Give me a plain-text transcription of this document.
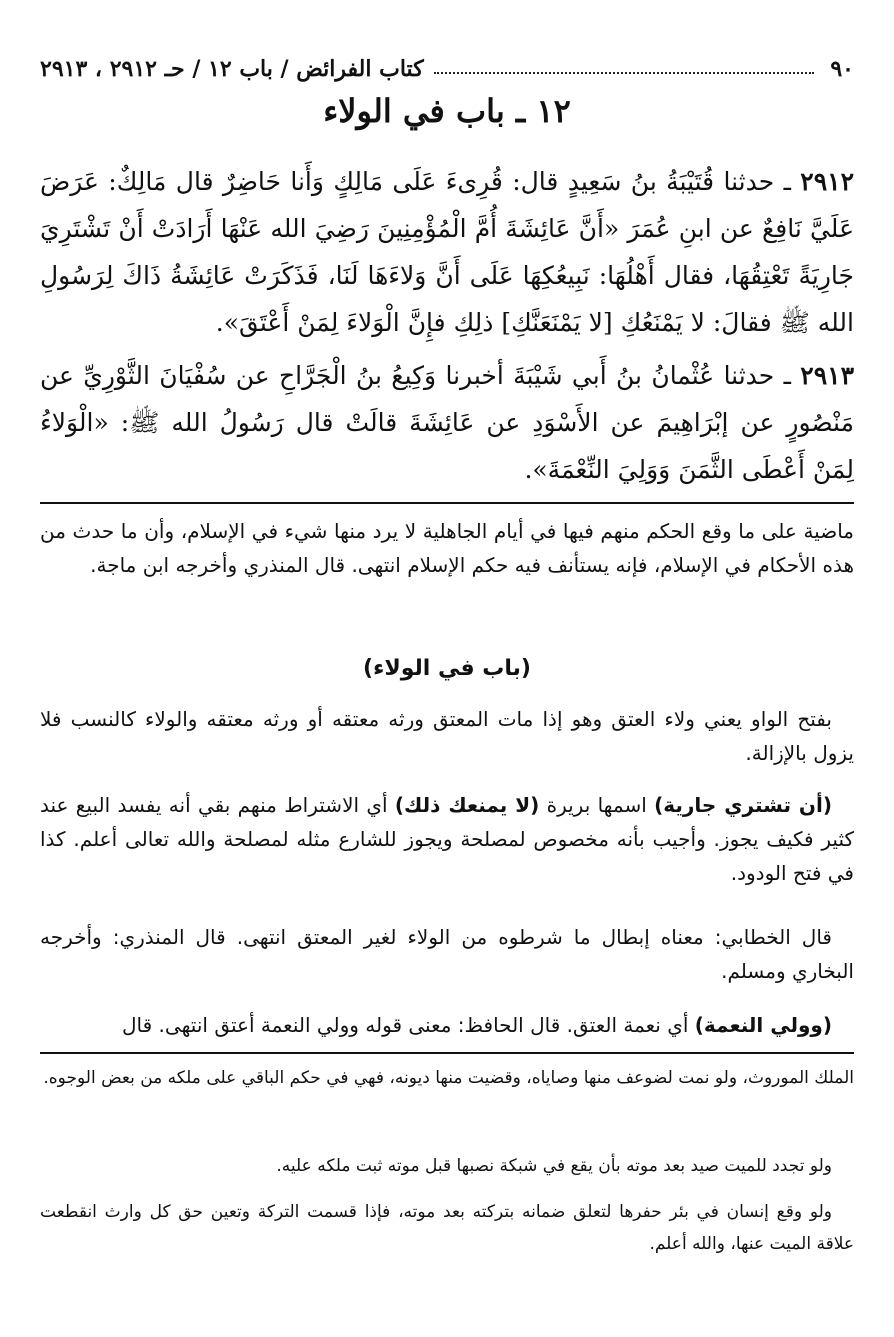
٩٠
كتاب الفرائض / باب ١٢ / حـ ٢٩١٢ ، ٢٩١٣
١٢ ـ باب في الولاء
٢٩١٢ ـ حدثنا قُتَيْبَةُ بنُ سَعِيدٍ قال: قُرِىءَ عَلَى مَالِكٍ وَأَنا حَاضِرٌ قال مَالِكٌ: عَرَضَ عَلَيَّ نَافِعٌ عن ابنِ عُمَرَ «أَنَّ عَائِشَةَ أُمَّ الْمُؤْمِنِينَ رَضِيَ الله عَنْهَا أَرَادَتْ أَنْ تَشْتَرِيَ جَارِيَةً تَعْتِقُهَا، فقال أَهْلُهَا: نَبِيعُكِهَا عَلَى أَنَّ وَلاءَهَا لَنَا، فَذَكَرَتْ عَائِشَةُ ذَاكَ لِرَسُولِ الله ﷺ فقالَ: لا يَمْنَعُكِ [لا يَمْنَعَنَّكِ] ذلِكِ فإِنَّ الْوَلاءَ لِمَنْ أَعْتَقَ».
٢٩١٣ ـ حدثنا عُثْمانُ بنُ أَبي شَيْبَةَ أخبرنا وَكِيعُ بنُ الْجَرَّاحِ عن سُفْيَانَ الثَّوْرِيِّ عن مَنْصُورٍ عن إبْرَاهِيمَ عن الأَسْوَدِ عن عَائِشَةَ قالَتْ قال رَسُولُ الله ﷺ: «الْوَلاءُ لِمَنْ أَعْطَى الثَّمَنَ وَوَلِيَ النِّعْمَةَ».
ماضية على ما وقع الحكم منهم فيها في أيام الجاهلية لا يرد منها شيء في الإسلام، وأن ما حدث من هذه الأحكام في الإسلام، فإنه يستأنف فيه حكم الإسلام انتهى. قال المنذري وأخرجه ابن ماجة.
(باب في الولاء)
بفتح الواو يعني ولاء العتق وهو إذا مات المعتق ورثه معتقه أو ورثه معتقه والولاء كالنسب فلا يزول بالإزالة.
(أن تشتري جارية) اسمها بريرة (لا يمنعك ذلك) أي الاشتراط منهم بقي أنه يفسد البيع عند كثير فكيف يجوز. وأجيب بأنه مخصوص لمصلحة ويجوز للشارع مثله لمصلحة والله تعالى أعلم. كذا في فتح الودود.
قال الخطابي: معناه إبطال ما شرطوه من الولاء لغير المعتق انتهى. قال المنذري: وأخرجه البخاري ومسلم.
(وولي النعمة) أي نعمة العتق. قال الحافظ: معنى قوله وولي النعمة أعتق انتهى. قال
الملك الموروث، ولو نمت لضوعف منها وصاياه، وقضيت منها ديونه، فهي في حكم الباقي على ملكه من بعض الوجوه.
ولو تجدد للميت صيد بعد موته بأن يقع في شبكة نصبها قبل موته ثبت ملكه عليه.
ولو وقع إنسان في بئر حفرها لتعلق ضمانه بتركته بعد موته، فإذا قسمت التركة وتعين حق كل وارث انقطعت علاقة الميت عنها، والله أعلم.
